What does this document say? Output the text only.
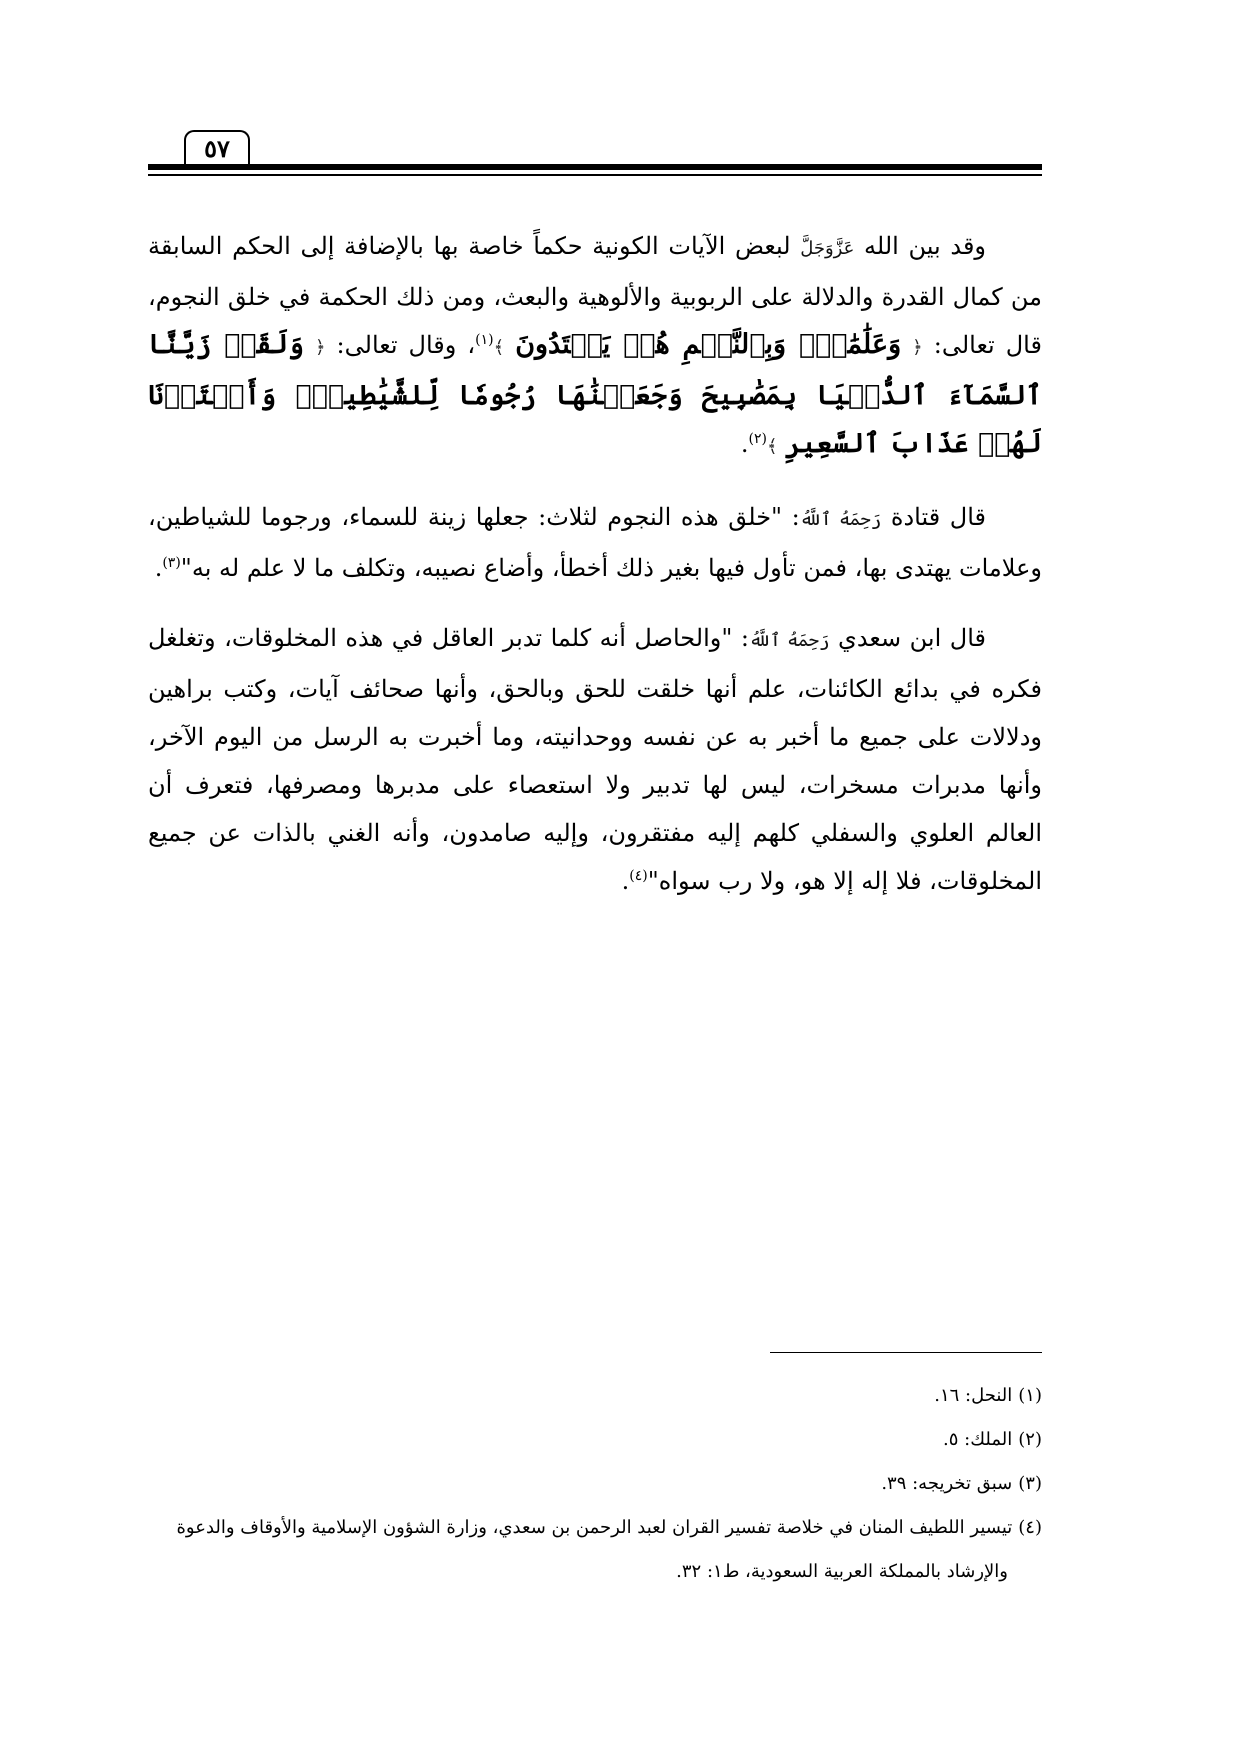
٥٧

وقد بين الله عَزَّوَجَلَّ لبعض الآيات الكونية حكماً خاصة بها بالإضافة إلى الحكم السابقة من كمال القدرة والدلالة على الربوبية والألوهية والبعث، ومن ذلك الحكمة في خلق النجوم، قال تعالى: ﴿ وَعَلَٰمَٰتٖۚ وَبِٱلنَّجۡمِ هُمۡ يَهۡتَدُونَ ﴾$^{(١)}$، وقال تعالى: ﴿ وَلَقَدۡ زَيَّنَّا ٱلسَّمَآءَ ٱلدُّنۡيَا بِمَصَٰبِيحَ وَجَعَلۡنَٰهَا رُجُومٗا لِّلشَّيَٰطِينِۖ وَأَعۡتَدۡنَا لَهُمۡ عَذَابَ ٱلسَّعِيرِ ﴾$^{(٢)}$.

قال قتادة رَحِمَهُ ٱللَّهُ: "خلق هذه النجوم لثلاث: جعلها زينة للسماء، ورجوما للشياطين، وعلامات يهتدى بها، فمن تأول فيها بغير ذلك أخطأ، وأضاع نصيبه، وتكلف ما لا علم له به"$^{(٣)}$.

قال ابن سعدي رَحِمَهُ ٱللَّهُ: "والحاصل أنه كلما تدبر العاقل في هذه المخلوقات، وتغلغل فكره في بدائع الكائنات، علم أنها خلقت للحق وبالحق، وأنها صحائف آيات، وكتب براهين ودلالات على جميع ما أخبر به عن نفسه ووحدانيته، وما أخبرت به الرسل من اليوم الآخر، وأنها مدبرات مسخرات، ليس لها تدبير ولا استعصاء على مدبرها ومصرفها، فتعرف أن العالم العلوي والسفلي كلهم إليه مفتقرون، وإليه صامدون، وأنه الغني بالذات عن جميع المخلوقات، فلا إله إلا هو، ولا رب سواه"$^{(٤)}$.

(١)النحل: ١٦.

(٢)الملك: ٥.

(٣)سبق تخريجه: ٣٩.

(٤)تيسير اللطيف المنان في خلاصة تفسير القران لعبد الرحمن بن سعدي، وزارة الشؤون الإسلامية والأوقاف والدعوة
والإرشاد بالمملكة العربية السعودية، ط١: ٣٢.
